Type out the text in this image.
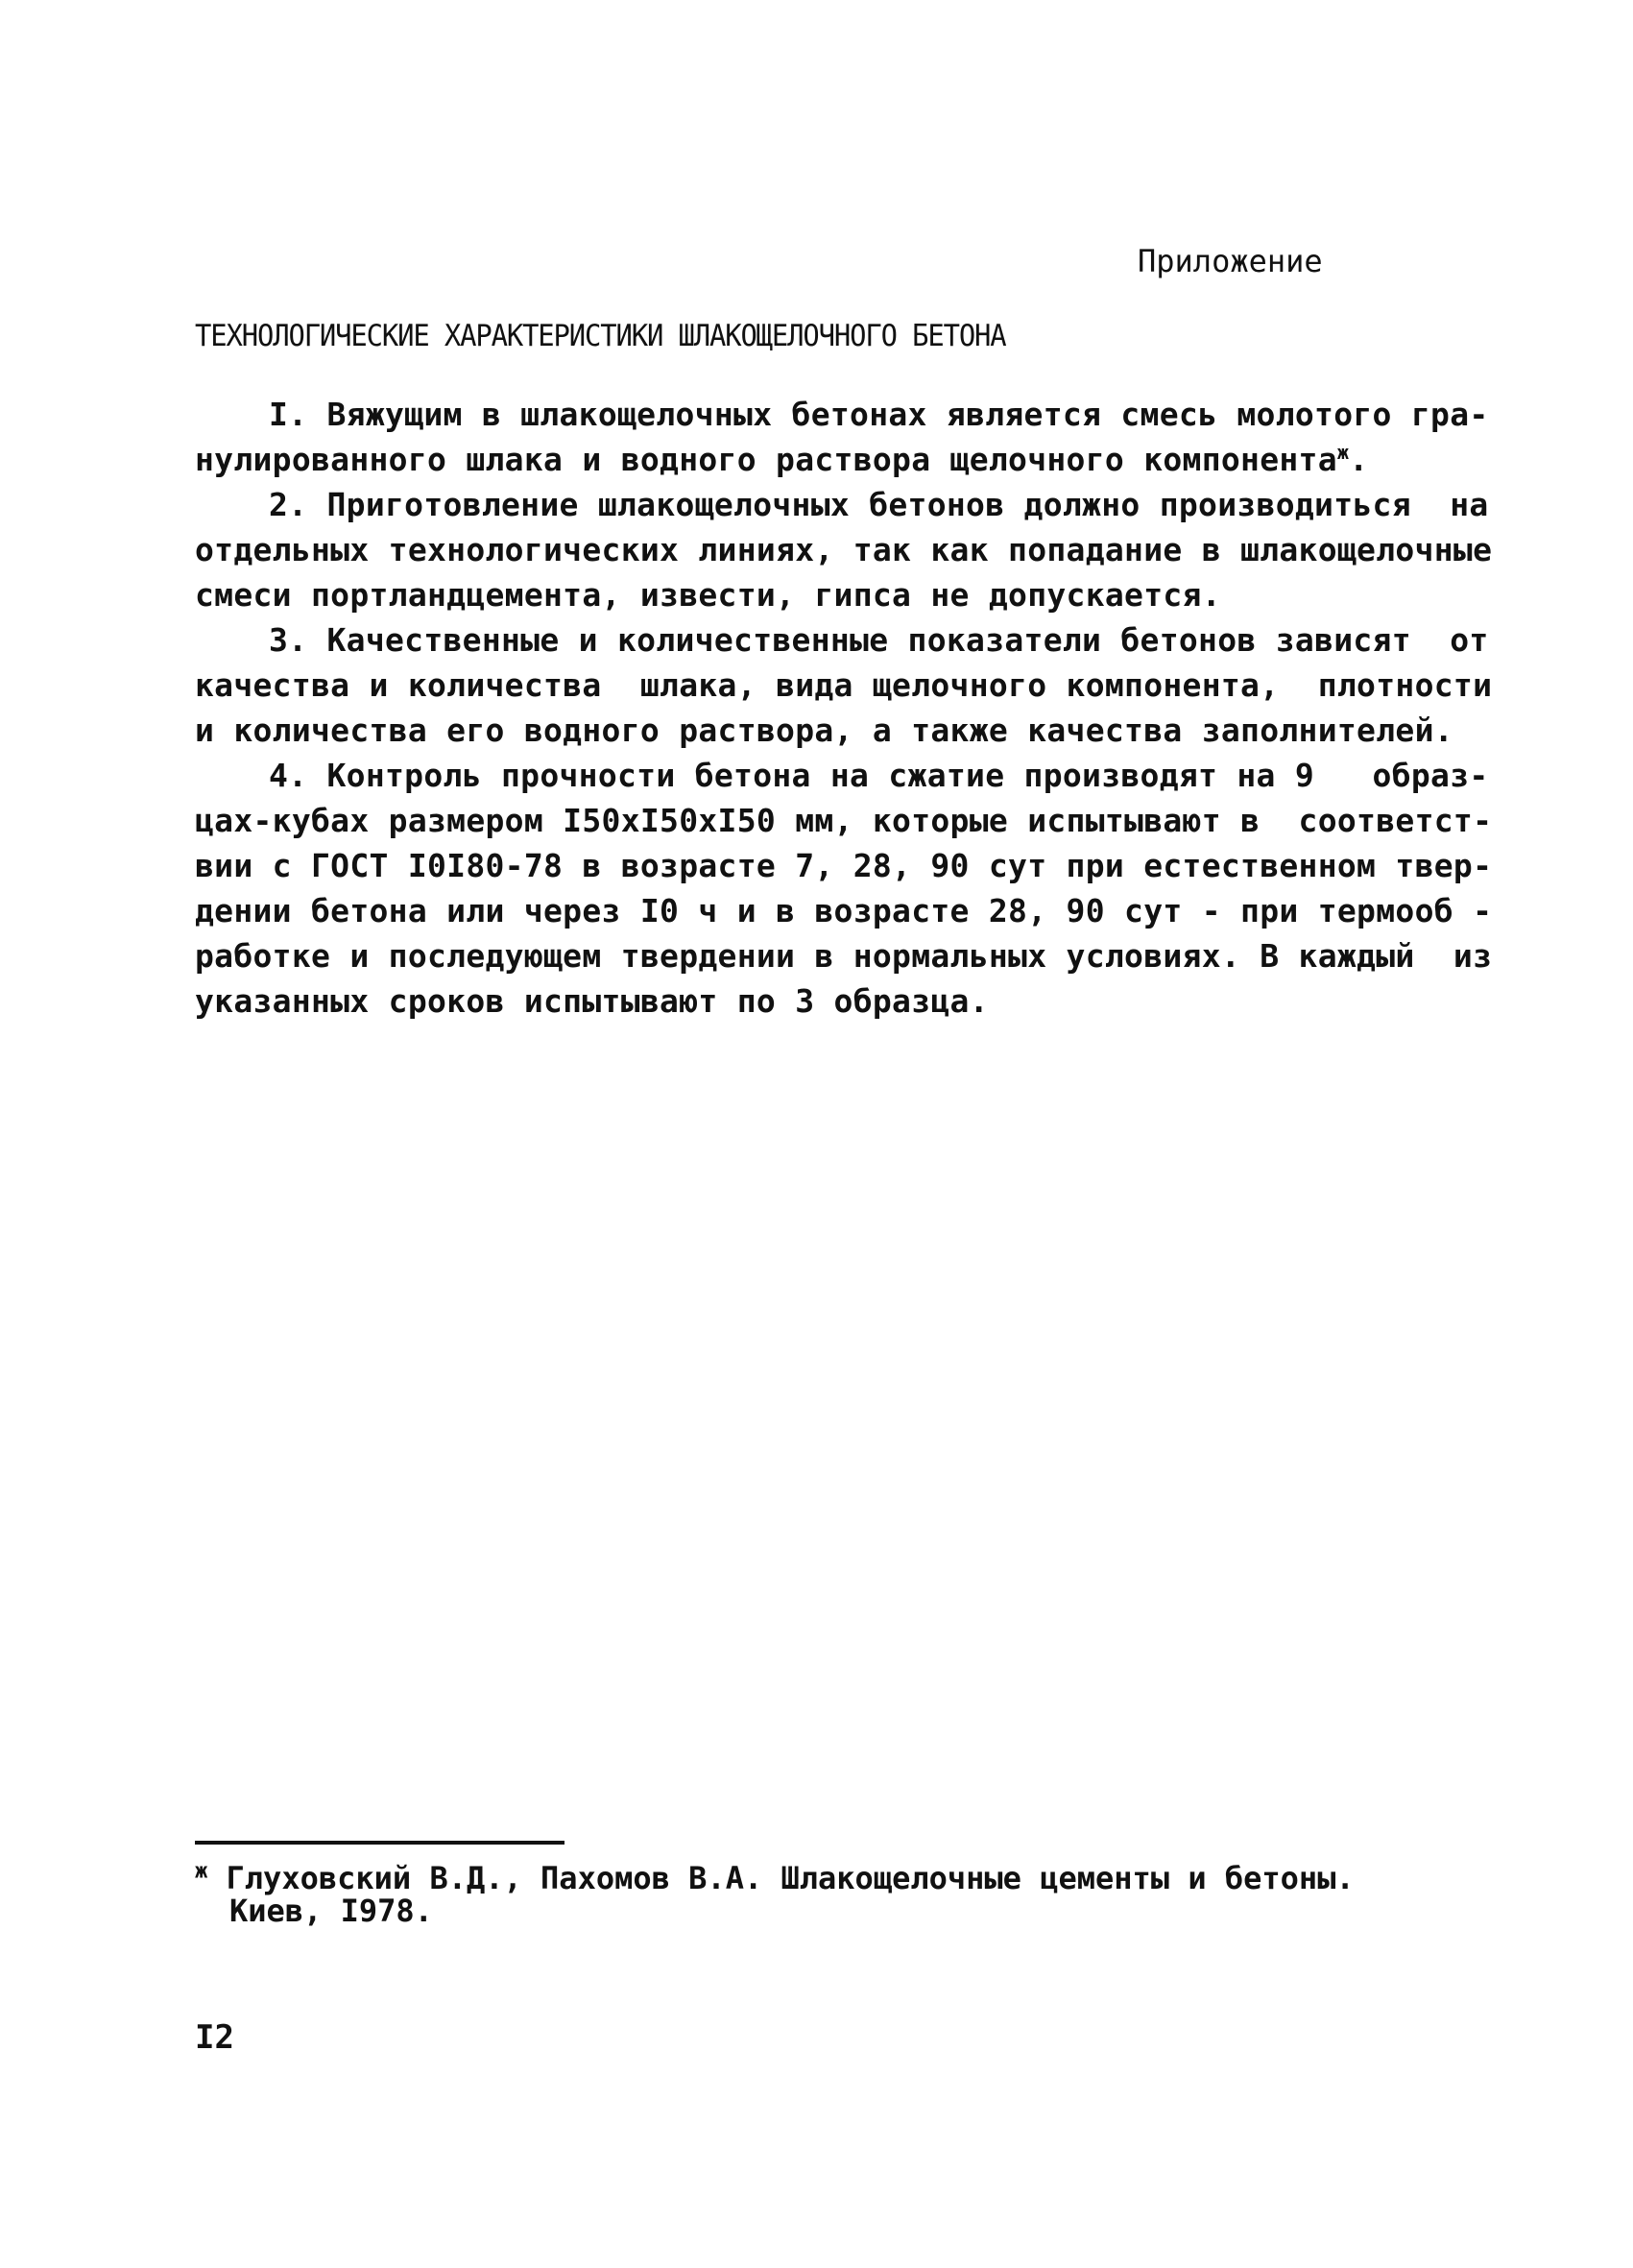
Приложение
ТЕХНОЛОГИЧЕСКИЕ ХАРАКТЕРИСТИКИ ШЛАКОЩЕЛОЧНОГО БЕТОНА
I. Вяжущим в шлакощелочных бетонах является смесь молотого гра-
нулированного шлака и водного раствора щелочного компонента$^ж$.
2. Приготовление шлакощелочных бетонов должно производиться  на
отдельных технологических линиях, так как попадание в шлакощелочные
смеси портландцемента, извести, гипса не допускается.
3. Качественные и количественные показатели бетонов зависят  от
качества и количества  шлака, вида щелочного компонента,  плотности
и количества его водного раствора, а также качества заполнителей.
4. Контроль прочности бетона на сжатие производят на 9   образ-
цах-кубах размером I50xI50xI50 мм, которые испытывают в  соответст-
вии с ГОСТ I0I80-78 в возрасте 7, 28, 90 сут при естественном твер-
дении бетона или через I0 ч и в возрасте 28, 90 сут - при термооб -
работке и последующем твердении в нормальных условиях. В каждый  из
указанных сроков испытывают по 3 образца.
$^ж$ Глуховский В.Д., Пахомов В.А. Шлакощелочные цементы и бетоны.
Киев, I978.
I2
